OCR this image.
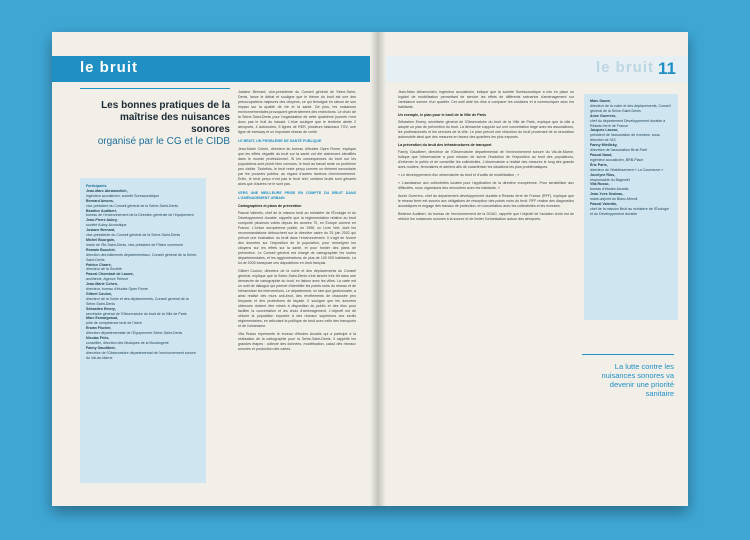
le bruit
Les bonnes pratiques de la maîtrise des nuisances sonores
organisé par le CG et le CIDB
Participants
Jean-Marc Abramovitch,
ingénieur acousticien, société Soreacoustique
Bernard Amons,
vice-président du Conseil général de la Seine-Saint-Denis
Béatrice Audibert,
bureau de l'environnement de la Direction générale de l'équipement
Jean-Pierre Aubry,
société Aubry-Acoustique
Josiane Bernard,
vice-présidente du Conseil général de la Seine-Saint-Denis
Michel Bourgain,
maire de l'Île-Saint-Denis, vice-président de Plaine commune
Romain Bouchet,
direction des bâtiments départementaux, Conseil général de la Seine-Saint-Denis
Patrice Charré,
directeur de la Société
Pascal Chombart de Lauwe,
architecte, Agence Tekhné
Jean-Marie Cohen,
directeur, bureau d'études Open Rome
Gilbert Coulon,
directeur de la Voirie et des déplacements, Conseil général de la Seine-Saint-Denis
Sébastien Emery,
secrétaire général de l'Observatoire du bruit de la Ville de Paris
Marc Esmargeaud,
pôle de compétence bruit de l'Isère
Erwan Fischer,
direction départementale de l'Équipement Seine-Saint-Denis
Nicolas Friès,
conseiller, direction des Musiques de la Boulangerie
Fanny Gaudibert,
directrice de l'Observatoire départemental de l'environnement sonore du Val-de-Marne

Josiane Bernard, vice-présidente du Conseil général de Seine-Saint-Denis, lance le débat et souligne que le thème du bruit est une des préoccupations majeures des citoyens, ce qui témoigne en raison de son impact sur la qualité de vie et la santé. De plus, les nuisances environnementales provoquent généralement des restrictions. Le choix de la Seine-Saint-Denis pour l'organisation de cette quatrième journée n'est donc pas le fruit du hasard. L'élue souligne que le territoire abrite 2 aéroports, 4 autoroutes, 5 lignes de RER, plusieurs faisceaux TGV, une ligne de tramway et un important réseau de voirie.

LE BRUIT, UN PROBLÈME DE SANTÉ PUBLIQUE

Jean-Marie Cohen, directeur du bureau d'études Open Rome, explique que les effets négatifs du bruit sur la santé ont été clairement identifiés dans le monde professionnel. Si les conséquences du bruit sur les populations sont plutôt bien connues, le bruit au travail reste un problème peu visible. Toutefois, le bruit reste perçu comme un élément secondaire par les pouvoirs publics, au regard d'autres facteurs d'environnement. Enfin, le bruit perçu n'est pas le bruit réel, certains bruits sont gênants alors que d'autres ne le sont pas.

VERS UNE MEILLEURE PRISE EN COMPTE DU BRUIT DANS L'AMÉNAGEMENT URBAIN
Cartographies et plans de prévention

Pascal Valentin, chef de la mission bruit au ministère de l'Écologie et du Développement durable, rappelle que la réglementation relative au bruit comporte plusieurs volets depuis les années 70, en Europe comme en France. L'Union européenne publie, en 1996, un Livre Vert, dont les recommandations débouchent sur la directive cadre du 25 juin 2002 qui prévoit une évaluation du bruit dans l'environnement. Il s'agit de fournir des données sur l'exposition de la population, pour renseigner les citoyens sur les effets sur la santé, et pour fonder des plans de prévention. Le Conseil général est chargé de cartographier les routes départementales, et les agglomérations de plus de 100 000 habitants. La loi de 2005 transpose ces dispositions en droit français.

Gilbert Coulon, directeur de la voirie et des déplacements du Conseil général, explique que la Seine-Saint-Denis s'est lancée très tôt dans une démarche de cartographie du bruit, en liaison avec les villes. La carte est un outil de dialogue qui permet d'identifier les points noirs du réseau et de hiérarchiser les interventions. Le département, en tant que gestionnaire, a ainsi réalisé des murs anti-bruit, des revêtements de chaussée peu bruyants et des protections de façade. Il souligne que les données obtenues doivent être mises à disposition du public et des élus pour faciliter la concertation et les choix d'aménagement. L'objectif est de réduire la population exposée à des niveaux supérieurs aux seuils réglementaires, en articulant la politique de bruit avec celle des transports et de l'urbanisme.

Vita Russo représente le bureau d'études Arcadis qui a participé à la réalisation de la cartographie pour la Seine-Saint-Denis. Il rappelle les grandes étapes : collecte des données, modélisation, calcul des niveaux sonores et production des cartes.

le bruit 11

Jean-Marc Abramovitch, ingénieur acousticien, indique que la société Soréacoustique a mis en place un logiciel de modélisation permettant de simuler les effets de différents scénarios d'aménagement sur l'ambiance sonore d'un quartier. Cet outil aide les élus à comparer les solutions et à communiquer avec les habitants.

Un exemple, le plan pour le bruit de la Ville de Paris

Sébastien Emery, secrétaire général de l'Observatoire du bruit de la Ville de Paris, explique que la ville a adopté un plan de prévention du bruit. La démarche s'appuie sur une concertation large avec les associations, les professionnels et les services de la ville. Le plan prévoit une réduction du bruit provenant de la circulation automobile ainsi que des mesures en faveur des quartiers les plus exposés.

La prévention du bruit des infrastructures de transport

Fanny Gaudibert, directrice de l'Observatoire départemental de l'environnement sonore du Val-de-Marne, indique que l'observatoire a pour mission de suivre l'évolution de l'exposition au bruit des populations, d'informer le public et de conseiller les collectivités. L'observatoire a réalisé des mesures le long des grands axes routiers, ferroviaires et aériens afin de caractériser les situations les plus problématiques.

« Le développement d'un observatoire du bruit et d'outils de modélisation ; »

« L'assistance aux collectivités locales pour l'application de la directive européenne. Pour sensibiliser aux difficultés, nous organisons des rencontres avec les habitants. »

Annie Guerrero, chef du département développement durable à Réseau ferré de France (RFF), explique que le réseau ferré est soumis aux obligations de résorption des points noirs du bruit. RFF réalise des diagnostics acoustiques et engage des travaux de protection, en concertation avec les collectivités et les riverains.

Béatrice Audibert, du bureau de l'environnement de la DGAC, rappelle que l'objectif de l'aviation civile est de réduire les nuisances sonores à la source et de limiter l'urbanisation autour des aéroports.

Marc Sauvé,
directeur de la voirie et des déplacements, Conseil général de la Seine-Saint-Denis
Anne Guerrero,
chef du département Développement durable à Réseau ferré de France
Jacques Lacour,
président de l'association de riverains, sous-direction de l'A3
Fanny Mietlicky,
directrice de l'association Bruit-Parif
Pascal Naud,
ingénieur acousticien, BRB-Place
Éric Paris,
directeur de l'établissement « La Courneuve »
Jocelyne Rios,
responsable du Bagnolet
Vita Russo,
bureau d'études Arcadis
Jean-Yves Seuleau,
maire-adjoint du Blanc-Mesnil
Pascal Valentin,
chef de la mission Bruit au ministère de l'Écologie et du Développement durable
La lutte contre les nuisances sonores va devenir une priorité sanitaire
